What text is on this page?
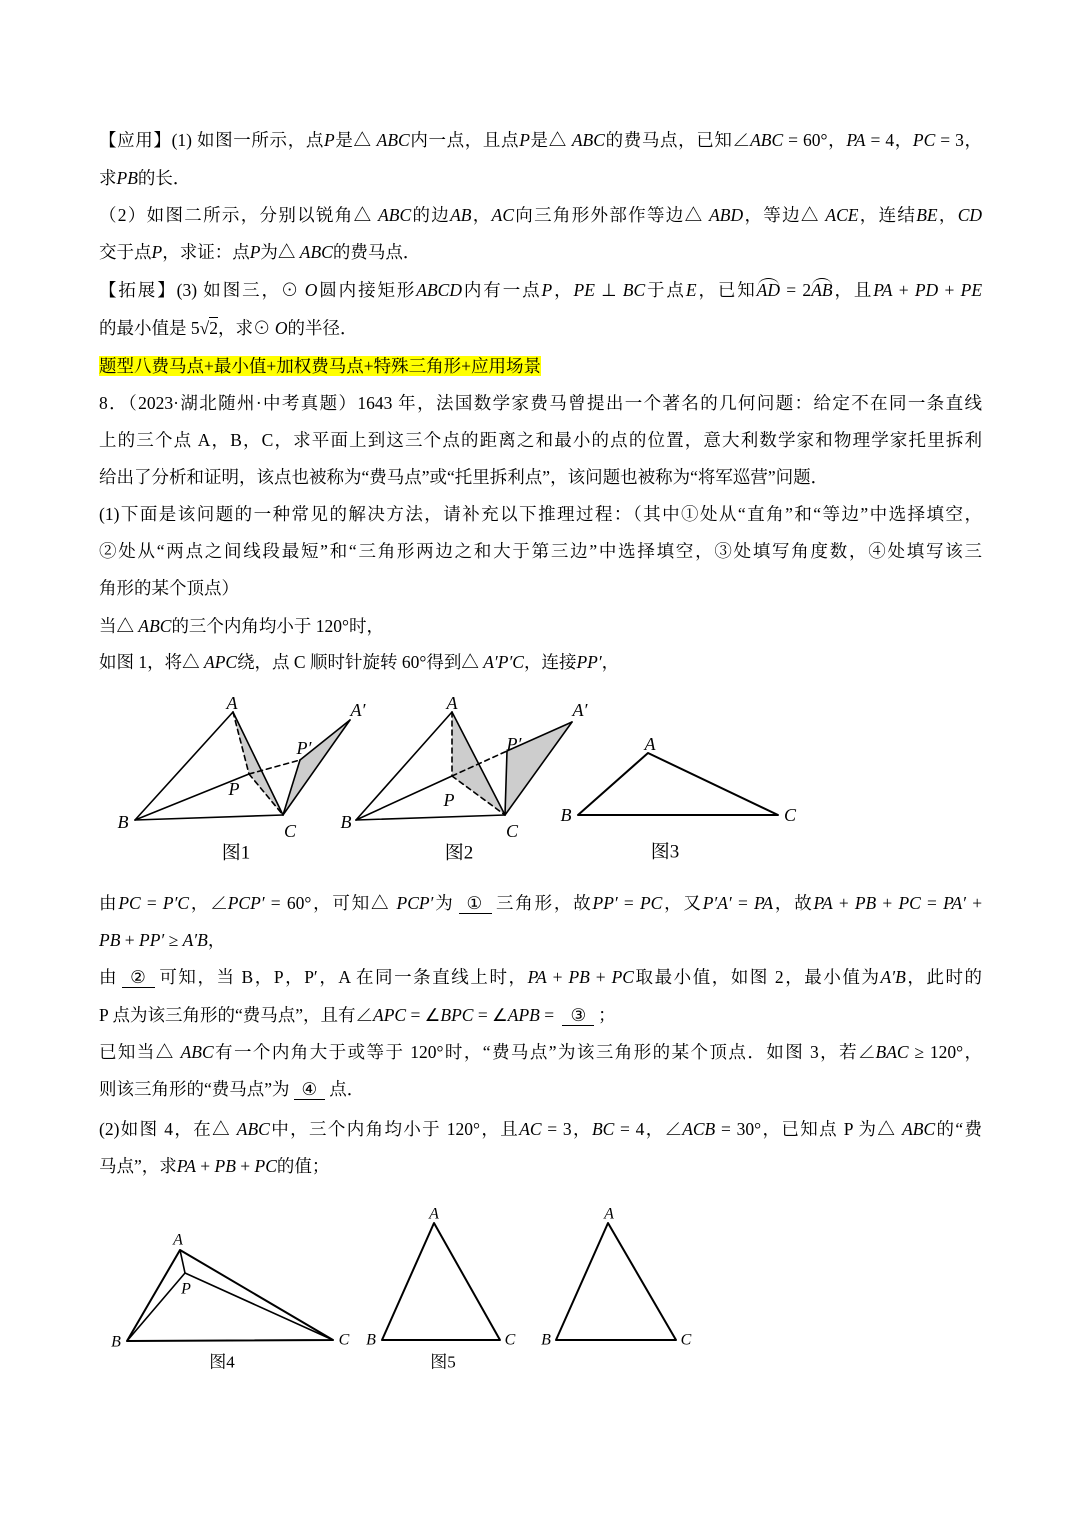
【应用】(1) 如图一所示，点P是△ ABC内一点，且点P是△ ABC的费马点，已知∠ABC = 60°，PA = 4，PC = 3，
求PB的长．
（2）如图二所示，分别以锐角△ ABC的边AB，AC向三角形外部作等边△ ABD，等边△ ACE，连结BE，CD
交于点P，求证：点P为△ ABC的费马点．
【拓展】(3) 如图三，⊙ O圆内接矩形ABCD内有一点P，PE ⊥ BC于点E，已知AD = 2AB，且PA + PD + PE
的最小值是 5√2，求⊙ O的半径．
题型八费马点+最小值+加权费马点+特殊三角形+应用场景
8．（2023·湖北随州·中考真题）1643 年，法国数学家费马曾提出一个著名的几何问题：给定不在同一条直线
上的三个点 A，B，C，求平面上到这三个点的距离之和最小的点的位置，意大利数学家和物理学家托里拆利
给出了分析和证明，该点也被称为“费马点”或“托里拆利点”，该问题也被称为“将军巡营”问题．
(1)下面是该问题的一种常见的解决方法，请补充以下推理过程：（其中①处从“直角”和“等边”中选择填空，
②处从“两点之间线段最短”和“三角形两边之和大于第三边”中选择填空，③处填写角度数，④处填写该三
角形的某个顶点）
当△ ABC的三个内角均小于 120°时，
如图 1，将△ APC绕，点 C 顺时针旋转 60°得到△ A′P′C，连接PP′，
由PC = P′C，∠PCP′ = 60°，可知△ PCP′为 ① 三角形，故PP′ = PC，又P′A′ = PA，故PA + PB + PC = PA′ +
PB + PP′ ≥ A′B，
由 ② 可知，当 B，P，P′，A 在同一条直线上时，PA + PB + PC取最小值，如图 2，最小值为A′B，此时的
P 点为该三角形的“费马点”，且有∠APC = ∠BPC = ∠APB = ③ ；
已知当△ ABC有一个内角大于或等于 120°时，“费马点”为该三角形的某个顶点．如图 3，若∠BAC ≥ 120°，
则该三角形的“费马点”为 ④ 点．
(2)如图 4，在△ ABC中，三个内角均小于 120°，且AC = 3，BC = 4，∠ACB = 30°，已知点 P 为△ ABC的“费
马点”，求PA + PB + PC的值；
A
B	C
P
P′
A′
图1
A
B	C
P
P′
A′
图2
A
B	C
图3
A
P
B	C
图4
A
B	C
图5
A
B	C
